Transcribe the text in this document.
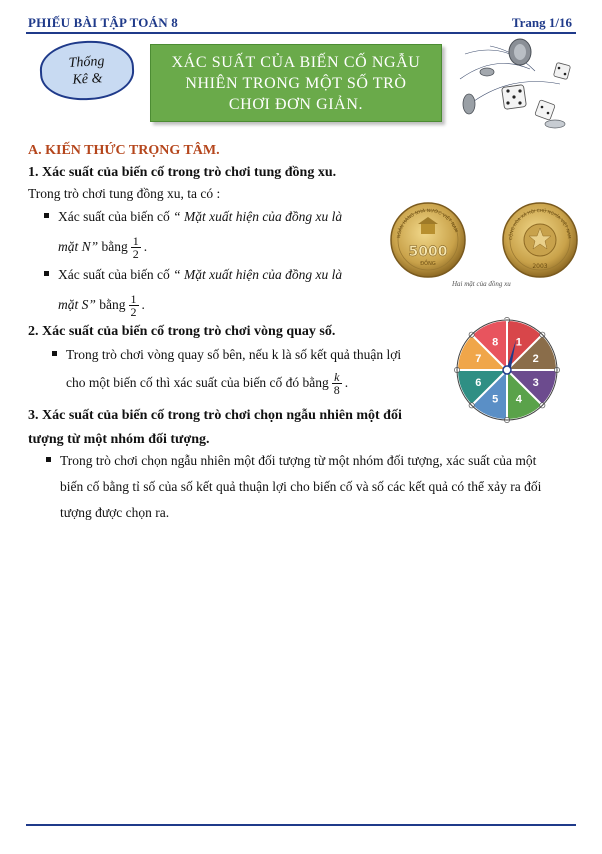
PHIẾU BÀI TẬP TOÁN 8	Trang 1/16
Thống
Kê &
XÁC SUẤT CỦA BIẾN CỐ NGẪU
NHIÊN TRONG MỘT SỐ TRÒ
CHƠI ĐƠN GIẢN.
A. KIẾN THỨC TRỌNG TÂM.
1. Xác suất của biến cố trong trò chơi tung đồng xu.
Trong trò chơi tung đồng xu, ta có :
Xác suất của biến cố “ Mặt xuất hiện của đồng xu là
mặt N” bằng $\frac{1}{2}$ .
Xác suất của biến cố “ Mặt xuất hiện của đồng xu là
mặt S” bằng $\frac{1}{2}$ .
NGÂN HÀNG NHÀ NƯỚC VIỆT NAM
5000
ĐỒNG
CỘNG HÒA XÃ HỘI CHỦ NGHĨA VIỆT NAM
2003
Hai mặt của đồng xu
2. Xác suất của biến cố trong trò chơi vòng quay số.
Trong trò chơi vòng quay số bên, nếu k là số kết quả thuận lợi
cho một biến cố thì xác suất của biến cố đó bằng $\frac{k}{8}$ .
1
2
3
4
5
6
7
8
3. Xác suất của biến cố trong trò chơi chọn ngẫu nhiên một đối
tượng từ một nhóm đối tượng.
Trong trò chơi chọn ngẫu nhiên một đối tượng từ một nhóm đối tượng, xác suất của một
biến cố bằng tỉ số của số kết quả thuận lợi cho biến cố và số các kết quả có thể xảy ra đối
tượng được chọn ra.
